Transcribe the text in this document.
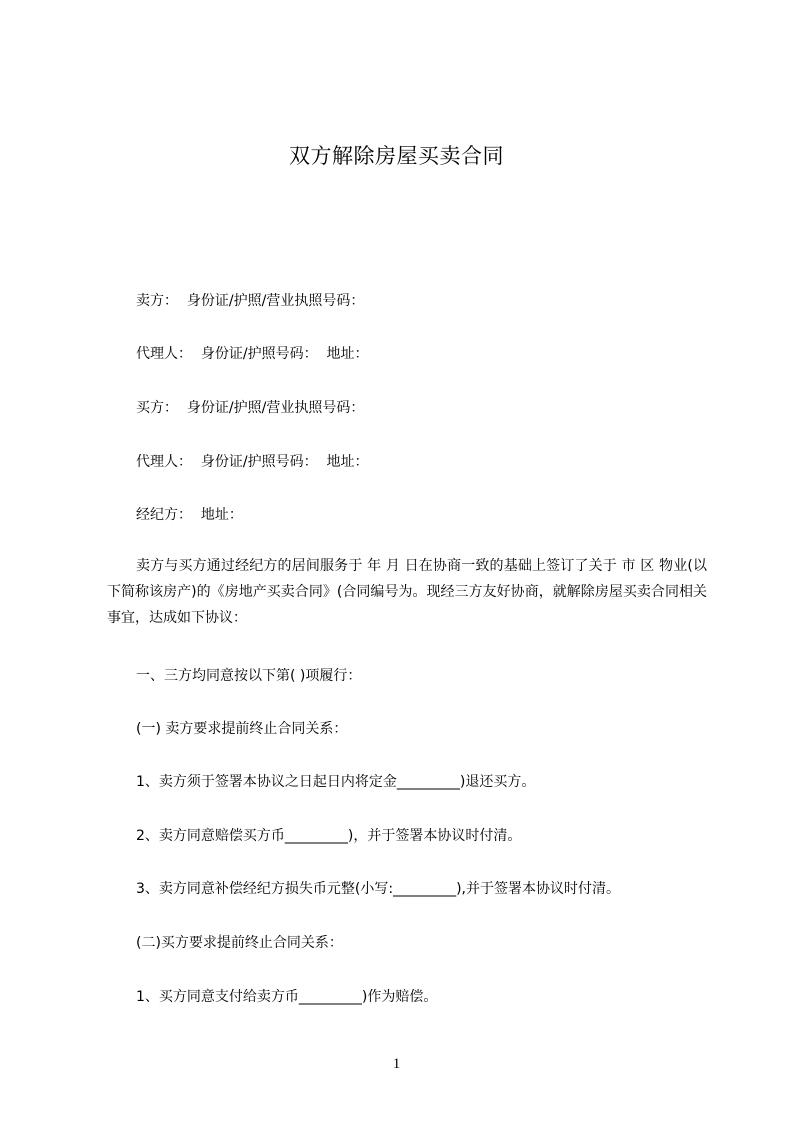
双方解除房屋买卖合同
卖方：  身份证/护照/营业执照号码：
代理人：  身份证/护照号码：  地址：
买方：  身份证/护照/营业执照号码：
代理人：  身份证/护照号码：  地址：
经纪方：  地址：
卖方与买方通过经纪方的居间服务于 年 月 日在协商一致的基础上签订了关于 市 区 物业(以下简称该房产)的《房地产买卖合同》(合同编号为。现经三方友好协商，就解除房屋买卖合同相关事宜，达成如下协议：
一、三方均同意按以下第( )项履行：
(一) 卖方要求提前终止合同关系：
1、卖方须于签署本协议之日起日内将定金_________)退还买方。
2、卖方同意赔偿买方币_________)，并于签署本协议时付清。
3、卖方同意补偿经纪方损失币元整(小写:_________),并于签署本协议时付清。
(二)买方要求提前终止合同关系：
1、买方同意支付给卖方币_________)作为赔偿。
1
